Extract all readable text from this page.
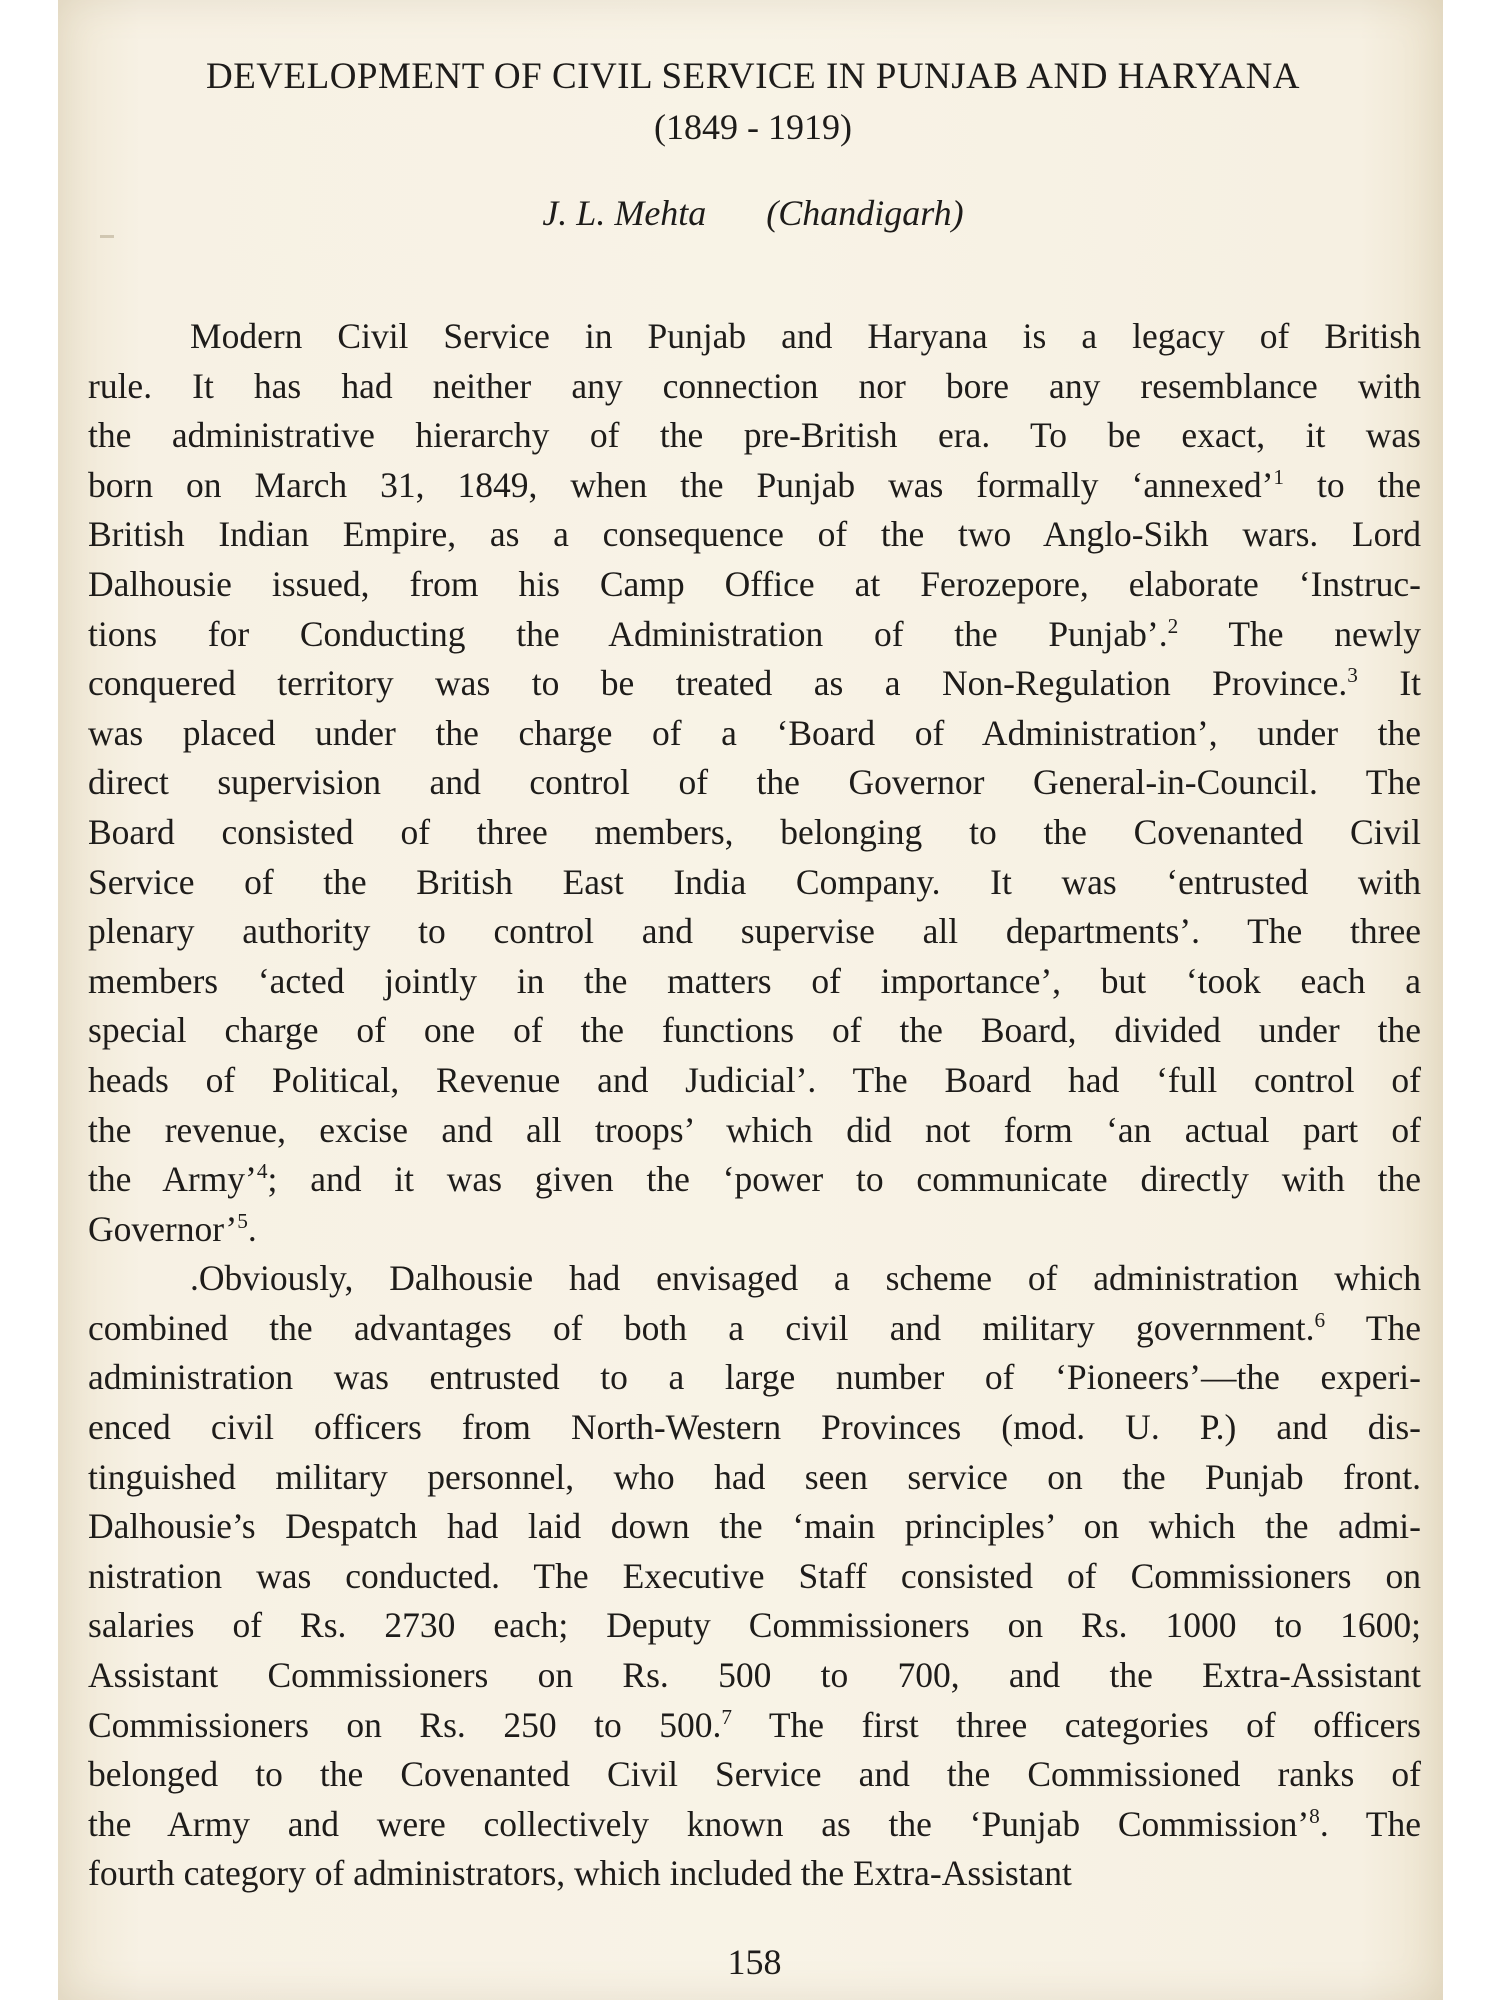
DEVELOPMENT OF CIVIL SERVICE IN PUNJAB AND HARYANA
(1849 - 1919)
J. L. Mehta (Chandigarh)
Modern Civil Service in Punjab and Haryana is a legacy of British
rule. It has had neither any connection nor bore any resemblance with
the administrative hierarchy of the pre-British era. To be exact, it was
born on March 31, 1849, when the Punjab was formally ‘annexed’$^1$ to the
British Indian Empire, as a consequence of the two Anglo-Sikh wars. Lord
Dalhousie issued, from his Camp Office at Ferozepore, elaborate ‘Instruc-
tions for Conducting the Administration of the Punjab’.$^2$ The newly
conquered territory was to be treated as a Non-Regulation Province.$^3$ It
was placed under the charge of a ‘Board of Administration’, under the
direct supervision and control of the Governor General-in-Council. The
Board consisted of three members, belonging to the Covenanted Civil
Service of the British East India Company. It was ‘entrusted with
plenary authority to control and supervise all departments’. The three
members ‘acted jointly in the matters of importance’, but ‘took each a
special charge of one of the functions of the Board, divided under the
heads of Political, Revenue and Judicial’. The Board had ‘full control of
the revenue, excise and all troops’ which did not form ‘an actual part of
the Army’$^4$; and it was given the ‘power to communicate directly with the
Governor’$^5$.
.Obviously, Dalhousie had envisaged a scheme of administration which
combined the advantages of both a civil and military government.$^6$ The
administration was entrusted to a large number of ‘Pioneers’—the experi-
enced civil officers from North-Western Provinces (mod. U. P.) and dis-
tinguished military personnel, who had seen service on the Punjab front.
Dalhousie’s Despatch had laid down the ‘main principles’ on which the admi-
nistration was conducted. The Executive Staff consisted of Commissioners on
salaries of Rs. 2730 each; Deputy Commissioners on Rs. 1000 to 1600;
Assistant Commissioners on Rs. 500 to 700, and the Extra-Assistant
Commissioners on Rs. 250 to 500.$^7$ The first three categories of officers
belonged to the Covenanted Civil Service and the Commissioned ranks of
the Army and were collectively known as the ‘Punjab Commission’$^8$. The
fourth category of administrators, which included the Extra-Assistant
158
